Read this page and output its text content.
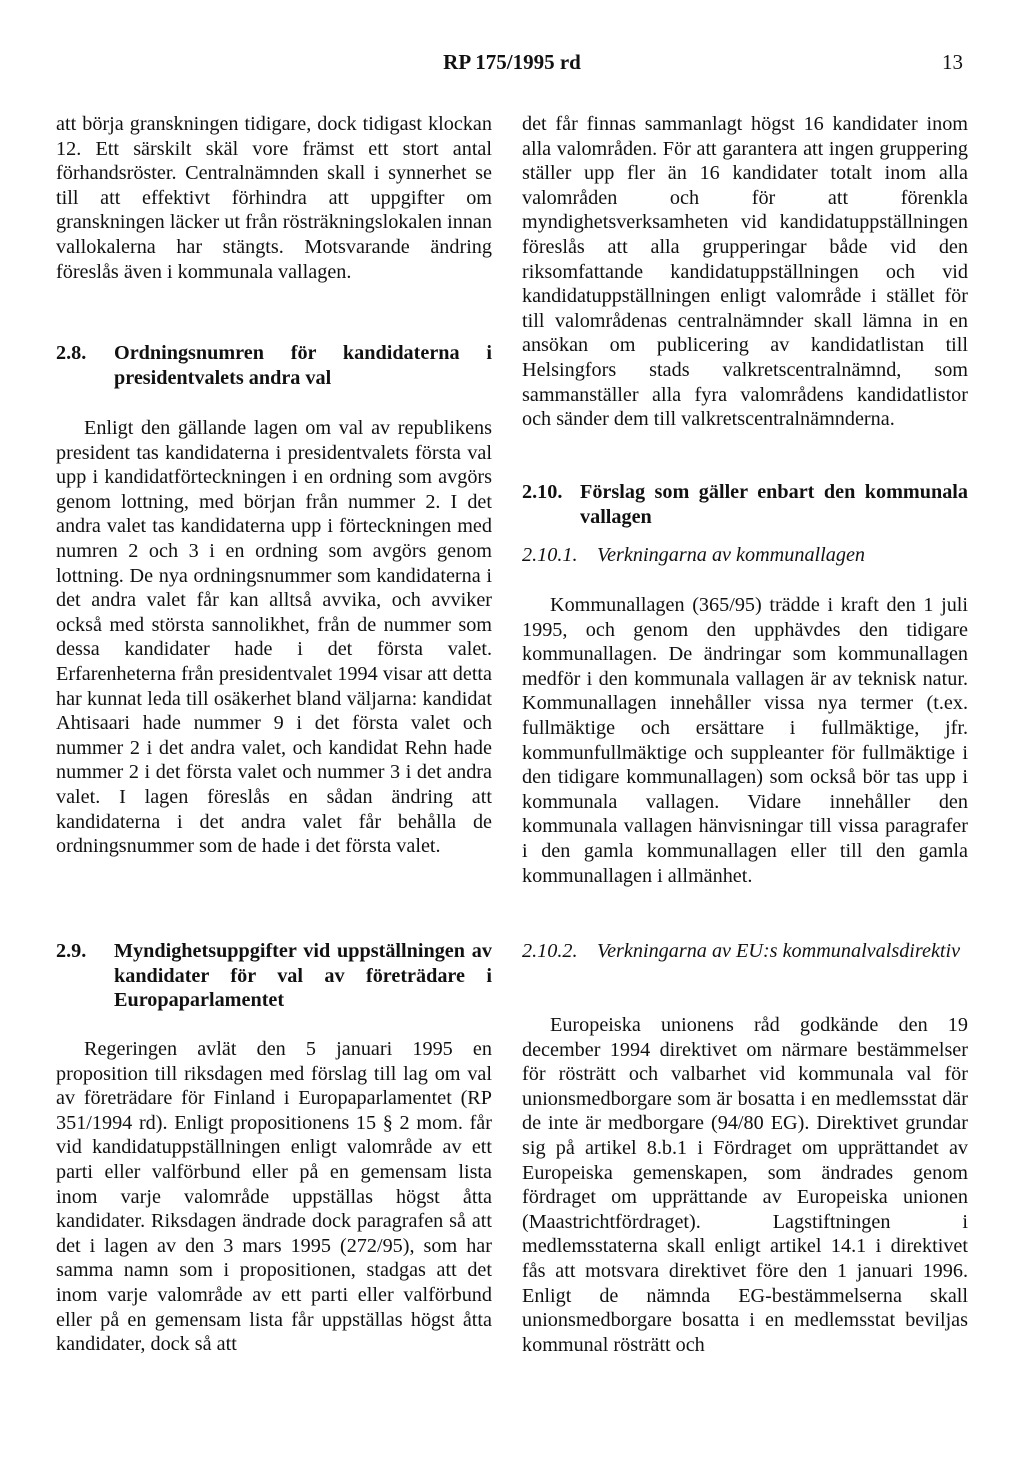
RP 175/1995 rd	13

att börja granskningen tidigare, dock tidigast klockan 12. Ett särskilt skäl vore främst ett stort antal förhandsröster. Centralnämnden skall i synnerhet se till att effektivt förhindra att uppgifter om granskningen läcker ut från rösträkningslokalen innan vallokalerna har stängts. Motsvarande ändring föreslås även i kommunala vallagen.

2.8.	Ordningsnumren för kandidaterna i presidentvalets andra val

Enligt den gällande lagen om val av republikens president tas kandidaterna i presidentvalets första val upp i kandidatförteckningen i en ordning som avgörs genom lottning, med början från nummer 2. I det andra valet tas kandidaterna upp i förteckningen med numren 2 och 3 i en ordning som avgörs genom lottning. De nya ordningsnummer som kandidaterna i det andra valet får kan alltså avvika, och avviker också med största sannolikhet, från de nummer som dessa kandidater hade i det första valet. Erfarenheterna från presidentvalet 1994 visar att detta har kunnat leda till osäkerhet bland väljarna: kandidat Ahtisaari hade nummer 9 i det första valet och nummer 2 i det andra valet, och kandidat Rehn hade nummer 2 i det första valet och nummer 3 i det andra valet. I lagen föreslås en sådan ändring att kandidaterna i det andra valet får behålla de ordningsnummer som de hade i det första valet.

2.9.	Myndighetsuppgifter vid uppställningen av kandidater för val av företrädare i Europaparlamentet

Regeringen avlät den 5 januari 1995 en proposition till riksdagen med förslag till lag om val av företrädare för Finland i Europaparlamentet (RP 351/1994 rd). Enligt propositionens 15 § 2 mom. får vid kandidatuppställningen enligt valområde av ett parti eller valförbund eller på en gemensam lista inom varje valområde uppställas högst åtta kandidater. Riksdagen ändrade dock paragrafen så att det i lagen av den 3 mars 1995 (272/95), som har samma namn som i propositionen, stadgas att det inom varje valområde av ett parti eller valförbund eller på en gemensam lista får uppställas högst åtta kandidater, dock så att

det får finnas sammanlagt högst 16 kandidater inom alla valområden. För att garantera att ingen gruppering ställer upp fler än 16 kandidater totalt inom alla valområden och för att förenkla myndighetsverksamheten vid kandidatuppställningen föreslås att alla grupperingar både vid den riksomfattande kandidatuppställningen och vid kandidatuppställningen enligt valområde i stället för till valområdenas centralnämnder skall lämna in en ansökan om publicering av kandidatlistan till Helsingfors stads valkretscentralnämnd, som sammanställer alla fyra valområdens kandidatlistor och sänder dem till valkretscentralnämnderna.

2.10. Förslag som gäller enbart den kommunala vallagen
2.10.1. Verkningarna av kommunallagen

Kommunallagen (365/95) trädde i kraft den 1 juli 1995, och genom den upphävdes den tidigare kommunallagen. De ändringar som kommunallagen medför i den kommunala vallagen är av teknisk natur. Kommunallagen innehåller vissa nya termer (t.ex. fullmäktige och ersättare i fullmäktige, jfr. kommunfullmäktige och suppleanter för fullmäktige i den tidigare kommunallagen) som också bör tas upp i kommunala vallagen. Vidare innehåller den kommunala vallagen hänvisningar till vissa paragrafer i den gamla kommunallagen eller till den gamla kommunallagen i allmänhet.

2.10.2. Verkningarna av EU:s kommunalvalsdirektiv

Europeiska unionens råd godkände den 19 december 1994 direktivet om närmare bestämmelser för rösträtt och valbarhet vid kommunala val för unionsmedborgare som är bosatta i en medlemsstat där de inte är medborgare (94/80 EG). Direktivet grundar sig på artikel 8.b.1 i Fördraget om upprättandet av Europeiska gemenskapen, som ändrades genom fördraget om upprättande av Europeiska unionen (Maastrichtfördraget). Lagstiftningen i medlemsstaterna skall enligt artikel 14.1 i direktivet fås att motsvara direktivet före den 1 januari 1996. Enligt de nämnda EG-bestämmelserna skall unionsmedborgare bosatta i en medlemsstat beviljas kommunal rösträtt och
